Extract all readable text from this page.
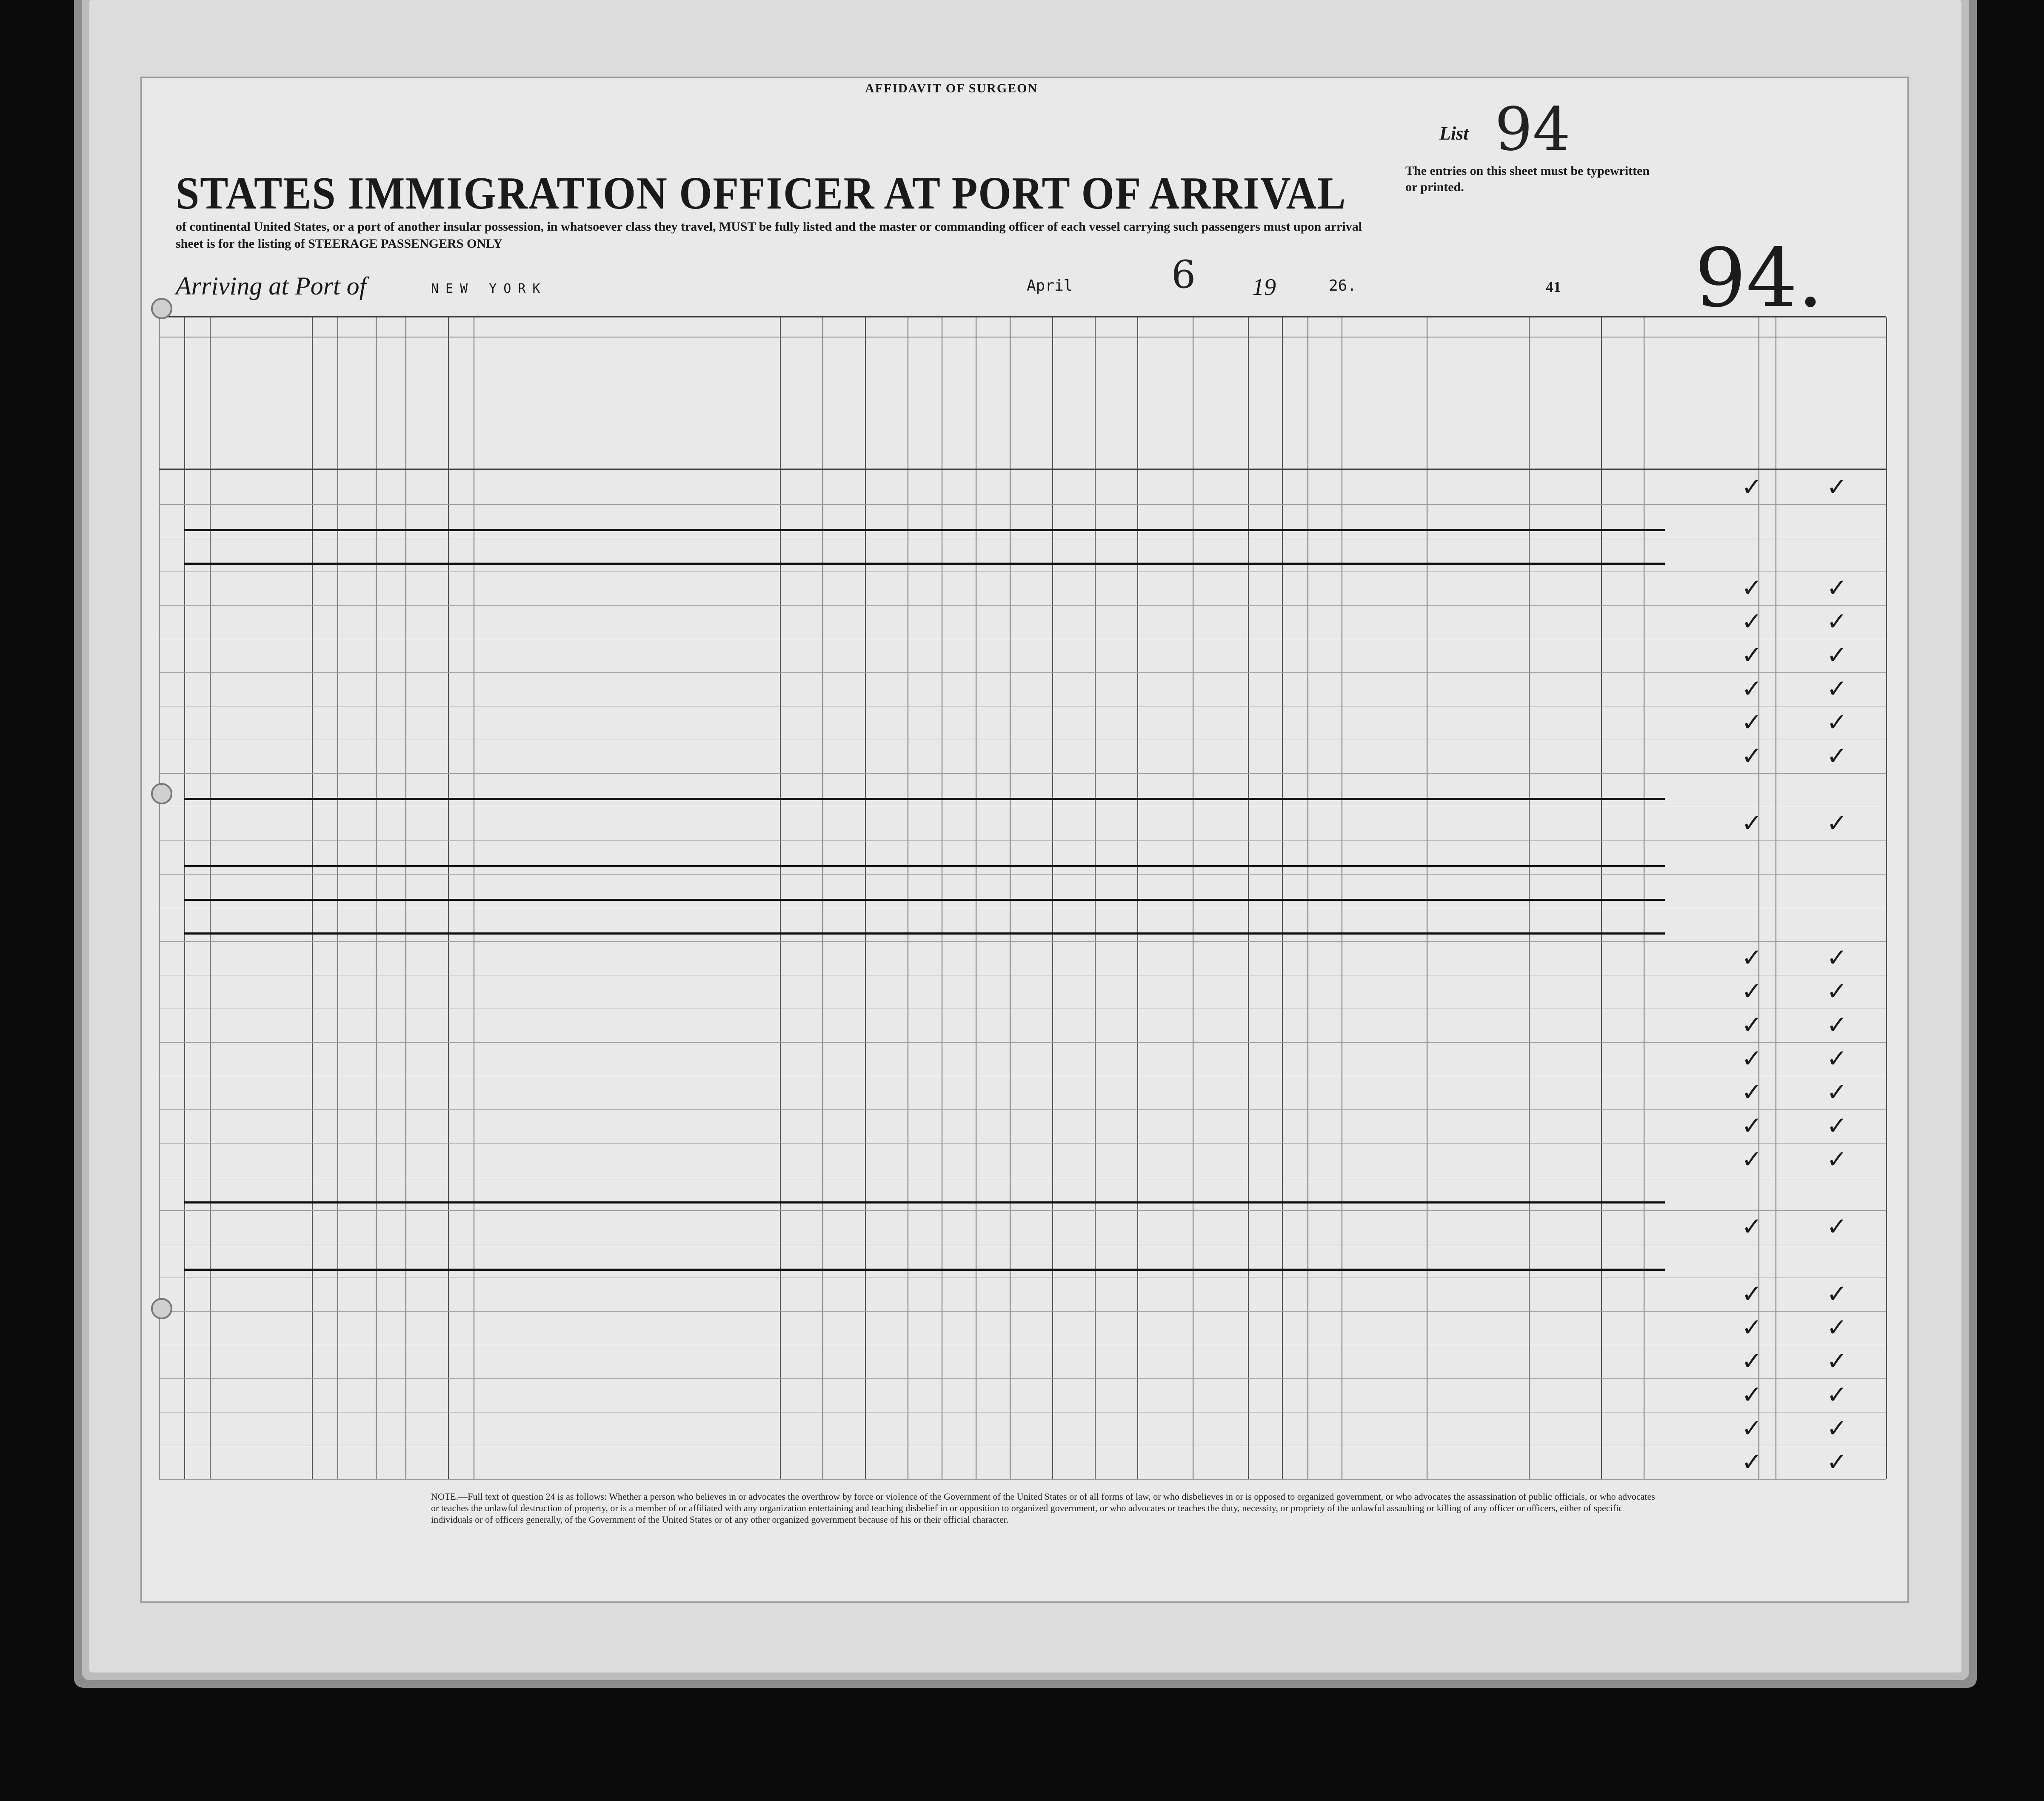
AFFIDAVIT OF SURGEON
List 94
STATES IMMIGRATION OFFICER AT PORT OF ARRIVAL	The entries on this sheet must be typewritten or printed.
of continental United States, or a port of another insular possession, in whatsoever class they travel, MUST be fully listed and the master or commanding officer of each vessel carrying such passengers must upon arrival
sheet is for the listing of STEERAGE PASSENGERS ONLY
Arriving at Port of	NEW YORK	April	6 19	26.	41 94.
✓	✓
✓	✓
✓	✓
✓	✓
✓	✓
✓	✓
✓	✓
✓	✓
✓	✓
✓	✓
✓	✓
✓	✓
✓	✓
✓	✓
✓	✓
✓	✓
✓	✓
✓	✓
✓	✓
✓	✓
✓	✓
✓	✓
NOTE.—Full text of question 24 is as follows: Whether a person who believes in or advocates the overthrow by force or violence of the Government of the United States or of all forms of law, or who disbelieves in or is opposed to organized government, or who advocates the assassination of public officials, or who advocates or teaches the unlawful destruction of property, or is a member of or affiliated with any organization entertaining and teaching disbelief in or opposition to organized government, or who advocates or teaches the duty, necessity, or propriety of the unlawful assaulting or killing of any officer or officers, either of specific individuals or of officers generally, of the Government of the United States or of any other organized government because of his or their official character.
